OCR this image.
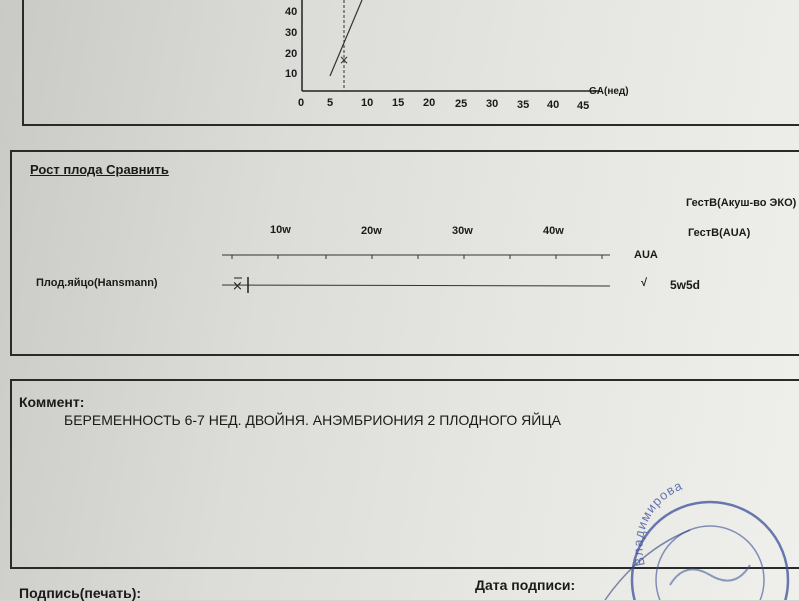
40
30
20
10
×
0 5	10 15 20 25 30 35 40 45
GA(нед)
Рост плода Сравнить
ГестВ(Акуш-во ЭКО)
ГестВ(AUA)
AUA
10w	20w	30w	40w
×
Плод.яйцо(Hansmann)	√ 5w5d
Коммент:
БЕРЕМЕННОСТЬ 6-7 НЕД. ДВОЙНЯ. АНЭМБРИОНИЯ 2 ПЛОДНОГО ЯЙЦА
Подпись(печать):	Дата подписи:
Владимирова
